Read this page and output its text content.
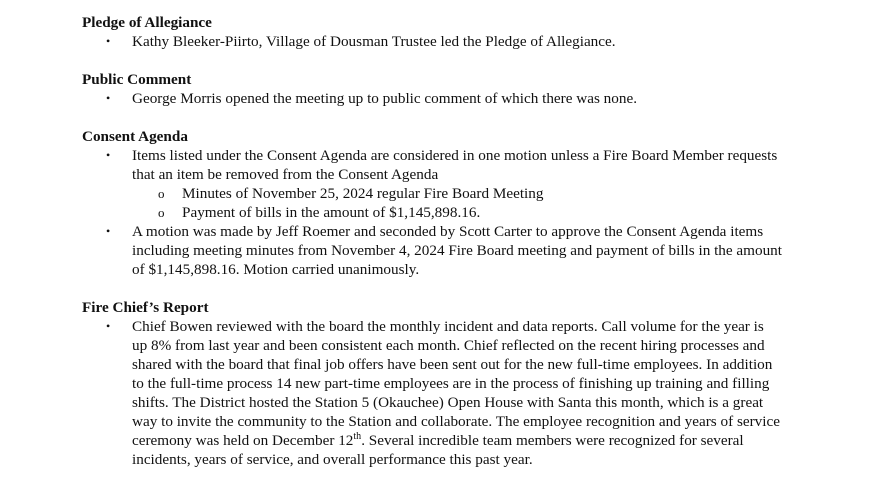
Pledge of Allegiance
• Kathy Bleeker-Piirto, Village of Dousman Trustee led the Pledge of Allegiance.
Public Comment
• George Morris opened the meeting up to public comment of which there was none.
Consent Agenda
• Items listed under the Consent Agenda are considered in one motion unless a Fire Board Member requests that an item be removed from the Consent Agenda
o Minutes of November 25, 2024 regular Fire Board Meeting
o Payment of bills in the amount of $1,145,898.16.
• A motion was made by Jeff Roemer and seconded by Scott Carter to approve the Consent Agenda items including meeting minutes from November 4, 2024 Fire Board meeting and payment of bills in the amount of $1,145,898.16. Motion carried unanimously.
Fire Chief’s Report
• Chief Bowen reviewed with the board the monthly incident and data reports. Call volume for the year is up 8% from last year and been consistent each month. Chief reflected on the recent hiring processes and shared with the board that final job offers have been sent out for the new full-time employees. In addition to the full-time process 14 new part-time employees are in the process of finishing up training and filling shifts. The District hosted the Station 5 (Okauchee) Open House with Santa this month, which is a great way to invite the community to the Station and collaborate. The employee recognition and years of service ceremony was held on December 12th. Several incredible team members were recognized for several incidents, years of service, and overall performance this past year.
